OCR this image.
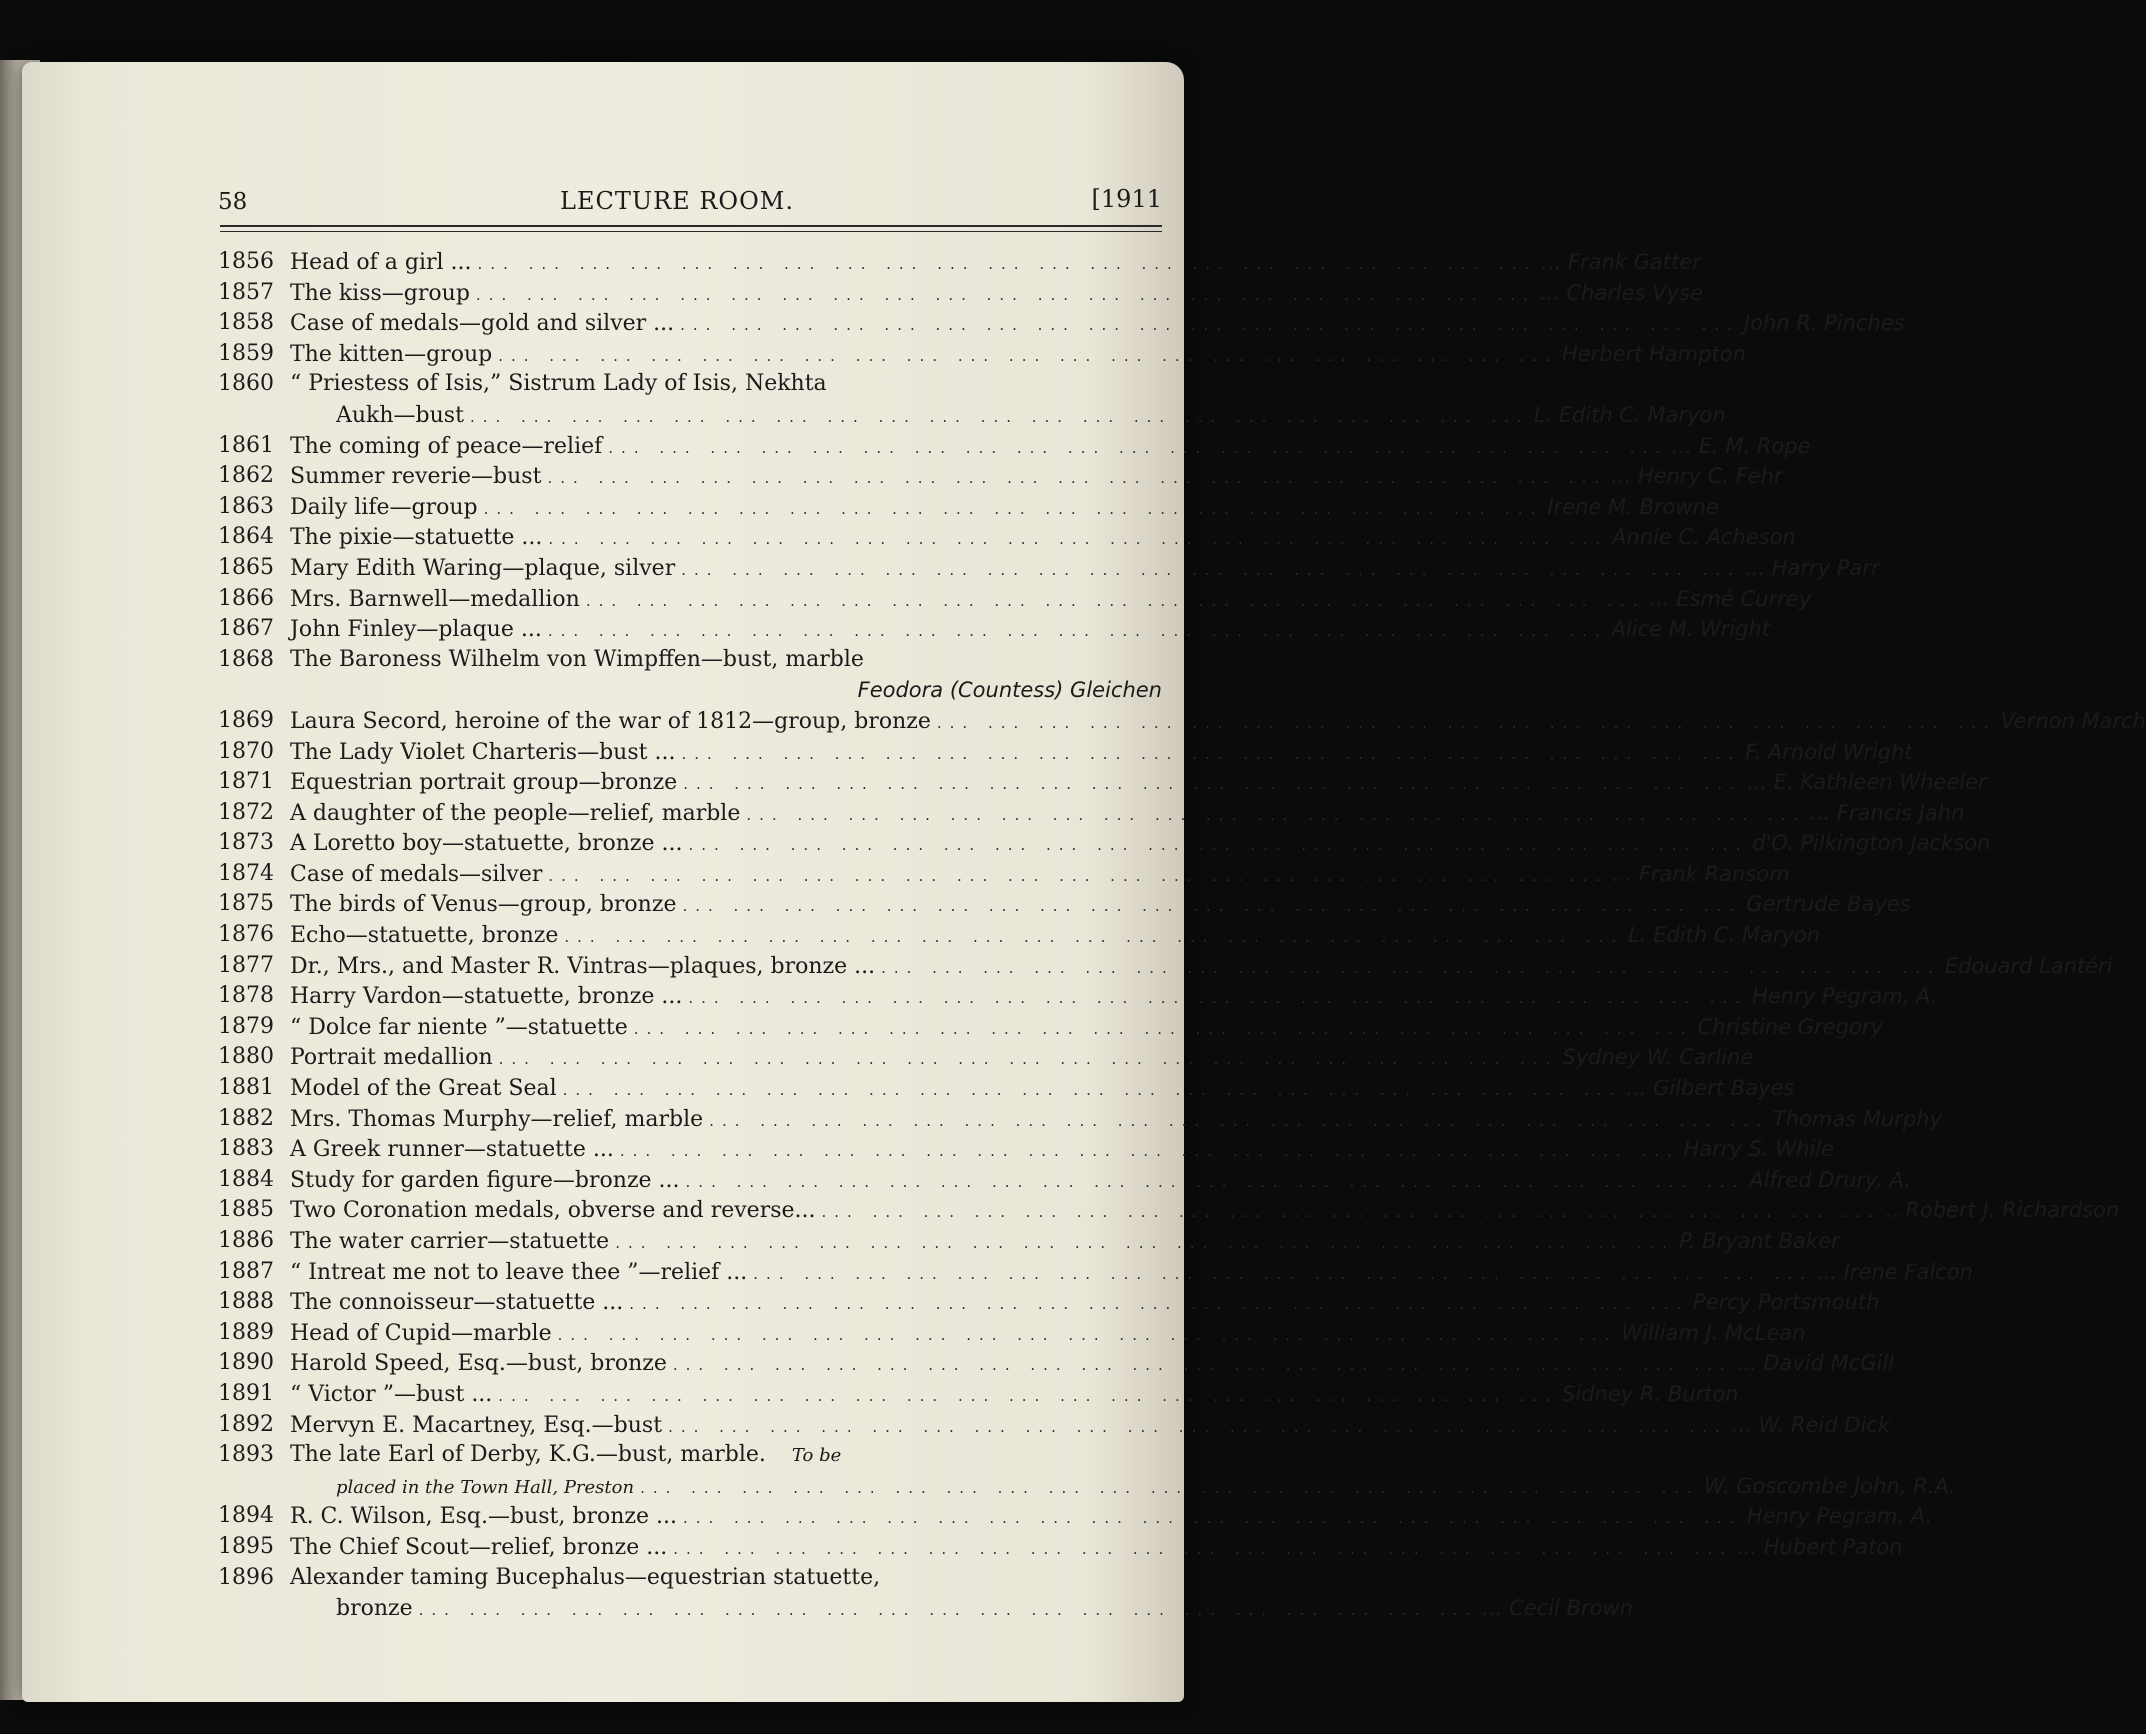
58	LECTURE ROOM.	[1911
1856 Head of a girl ... ... .	... Frank Gatter
1857 The kiss—group ... .	... Charles Vyse
1858 Case of medals—gold and silver ... ... .	John R. Pinches
1859 The kitten—group ... .	Herbert Hampton
1860 “ Priestess of Isis,” Sistrum Lady of Isis, Nekhta
Aukh—bust ... .	L. Edith C. Maryon
1861 The coming of peace—relief ... .	... E. M. Rope
1862 Summer reverie—bust ... .	... Henry C. Fehr
1863 Daily life—group ... .	Irene M. Browne
1864 The pixie—statuette ... ... .	Annie C. Acheson
1865 Mary Edith Waring—plaque, silver ... .	... Harry Parr
1866 Mrs. Barnwell—medallion ... .	... Esmé Currey
1867 John Finley—plaque ... ... .	Alice M. Wright
1868 The Baroness Wilhelm von Wimpffen—bust, marble
Feodora (Countess) Gleichen
1869 Laura Secord, heroine of the war of 1812—group, bronze ... .	Vernon March
1870 The Lady Violet Charteris—bust ... ... .	F. Arnold Wright
1871 Equestrian portrait group—bronze ... .	... E. Kathleen Wheeler
1872 A daughter of the people—relief, marble ... .	... Francis Jahn
1873 A Loretto boy—statuette, bronze ... ... .	d'O. Pilkington Jackson
1874 Case of medals—silver ... .	... Frank Ransom
1875 The birds of Venus—group, bronze ... .	Gertrude Bayes
1876 Echo—statuette, bronze ... .	L. Edith C. Maryon
1877 Dr., Mrs., and Master R. Vintras—plaques, bronze ... ... .	Edouard Lantéri
1878 Harry Vardon—statuette, bronze ... ... .	Henry Pegram, A.
1879 “ Dolce far niente ”—statuette ... .	Christine Gregory
1880 Portrait medallion ... .	Sydney W. Carline
1881 Model of the Great Seal ... .	... Gilbert Bayes
1882 Mrs. Thomas Murphy—relief, marble ... .	Thomas Murphy
1883 A Greek runner—statuette ... ... .	Harry S. While
1884 Study for garden figure—bronze ... ... .	Alfred Drury, A.
1885 Two Coronation medals, obverse and reverse... ... .	...Robert J. Richardson
1886 The water carrier—statuette ... .	P. Bryant Baker
1887 “ Intreat me not to leave thee ”—relief ... ... .	... Irene Falcon
1888 The connoisseur—statuette ... ... .	Percy Portsmouth
1889 Head of Cupid—marble ... .	William J. McLean
1890 Harold Speed, Esq.—bust, bronze ... .	... David McGill
1891 “ Victor ”—bust ... ... .	Sidney R. Burton
1892 Mervyn E. Macartney, Esq.—bust ... .	... W. Reid Dick
1893 The late Earl of Derby, K.G.—bust, marble.	To be
placed in the Town Hall, Preston ... .	W. Goscombe John, R.A.
1894 R. C. Wilson, Esq.—bust, bronze ... ... .	Henry Pegram, A.
1895 The Chief Scout—relief, bronze ... ... .	... Hubert Paton
1896 Alexander taming Bucephalus—equestrian statuette,
bronze ... .	... Cecil Brown
